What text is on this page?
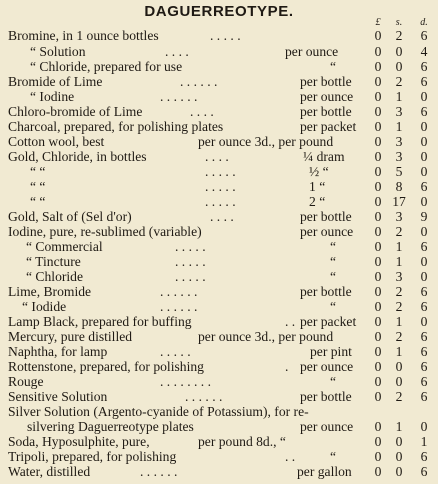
DAGUERREOTYPE.
£	s.	d.
Bromine, in 1 ounce bottles	. . . . .	0 2 6
“ Solution	. . . .	per ounce	0 0 4
“ Chloride, prepared for use	“	0 0 6
Bromide of Lime	. . . . . .	per bottle 0 2 6
“ Iodine	. . . . . .	per ounce 0 1 0
Chloro-bromide of Lime	. . . .	per bottle 0 3 6
Charcoal, prepared, for polishing plates	per packet 0 1 0
Cotton wool, best	per ounce 3d., per pound	0 3 0
Gold, Chloride, in bottles	. . . .	¼ dram 0 3 0
“ “	. . . . .	½ “	0 5 0
“ “	. . . . .	1 “	0 8 6
“ “	. . . . .	2 “	0 17 0
Gold, Salt of (Sel d'or)	. . . .	per bottle 0 3 9
Iodine, pure, re-sublimed (variable)	per ounce 0 2 0
“ Commercial	. . . . .	“	0 1 6
“ Tincture	. . . . .	“	0 1 0
“ Chloride	. . . . .	“	0 3 0
Lime, Bromide	. . . . . .	per bottle 0 2 6
“ Iodide	. . . . . .	“	0 2 6
Lamp Black, prepared for buffing	. . per packet 0 1 0
Mercury, pure distilled	per ounce 3d., per pound	0 2 6
Naphtha, for lamp	. . . . .	per pint 0 1 6
Rottenstone, prepared, for polishing	. per ounce 0 0 6
Rouge	. . . . . . . .	“	0 0 6
Sensitive Solution	. . . . . .	per bottle 0 2 6
Silver Solution (Argento-cyanide of Potassium), for re-
silvering Daguerreotype plates	per ounce 0 1 0
Soda, Hyposulphite, pure,	per pound 8d., “	0 0 1
Tripoli, prepared, for polishing	. .	“	0 0 6
Water, distilled	. . . . . .	per gallon 0 0 6
